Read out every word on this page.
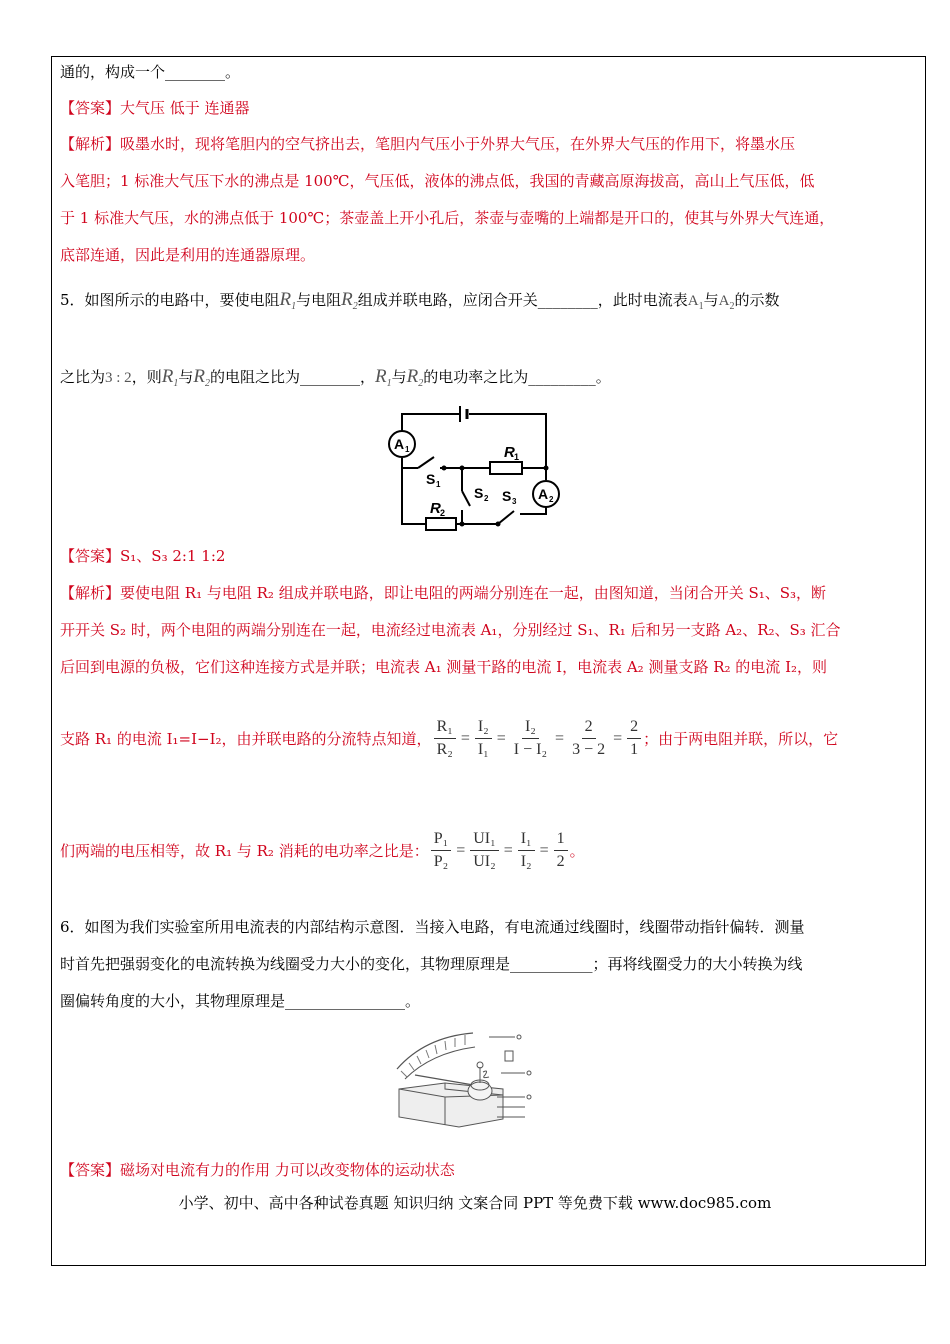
通的，构成一个________。
【答案】大气压 低于 连通器
【解析】吸墨水时，现将笔胆内的空气挤出去，笔胆内气压小于外界大气压，在外界大气压的作用下，将墨水压
入笔胆；1 标准大气压下水的沸点是 100℃，气压低，液体的沸点低，我国的青藏高原海拔高，高山上气压低，低
于 1 标准大气压，水的沸点低于 100℃；茶壶盖上开小孔后，茶壶与壶嘴的上端都是开口的，使其与外界大气连通，
底部连通，因此是利用的连通器原理。
5．如图所示的电路中，要使电阻$R_1$与电阻$R_2$组成并联电路，应闭合开关________，此时电流表$A_1$与$A_2$的示数
之比为3 : 2，则$R_1$与$R_2$的电阻之比为________，$R_1$与$R_2$的电功率之比为_________。
A 1
A 2
R 1
R 2
S 1
S 2 S 3
【答案】S₁、S₃ 2:1 1:2
【解析】要使电阻 R₁ 与电阻 R₂ 组成并联电路，即让电阻的两端分别连在一起，由图知道，当闭合开关 S₁、S₃，断
开开关 S₂ 时，两个电阻的两端分别连在一起，电流经过电流表 A₁，分别经过 S₁、R₁ 后和另一支路 A₂、R₂、S₃ 汇合
后回到电源的负极，它们这种连接方式是并联；电流表 A₁ 测量干路的电流 I，电流表 A₂ 测量支路 R₂ 的电流 I₂，则
支路 R₁ 的电流 I₁=I−I₂，由并联电路的分流特点知道， $\frac{\text{R₁}}{\text{R₂}} = \frac{\text{I₂}}{\text{I₁}} = \frac{\text{I₂}}{\text{I − I₂}} = \frac{2}{3 - 2} = \frac{2}{1}$ ；由于两电阻并联，所以，它
们两端的电压相等，故 R₁ 与 R₂ 消耗的电功率之比是： $\frac{\text{P₁}}{\text{P₂}} = \frac{\text{UI₁}}{\text{UI₂}} = \frac{\text{I₁}}{\text{I₂}} = \frac{1}{2}$ 。
6．如图为我们实验室所用电流表的内部结构示意图．当接入电路，有电流通过线圈时，线圈带动指针偏转．测量
时首先把强弱变化的电流转换为线圈受力大小的变化，其物理原理是___________；再将线圈受力的大小转换为线
圈偏转角度的大小，其物理原理是________________。
【答案】磁场对电流有力的作用 力可以改变物体的运动状态
小学、初中、高中各种试卷真题 知识归纳 文案合同 PPT 等免费下载 www.doc985.com
